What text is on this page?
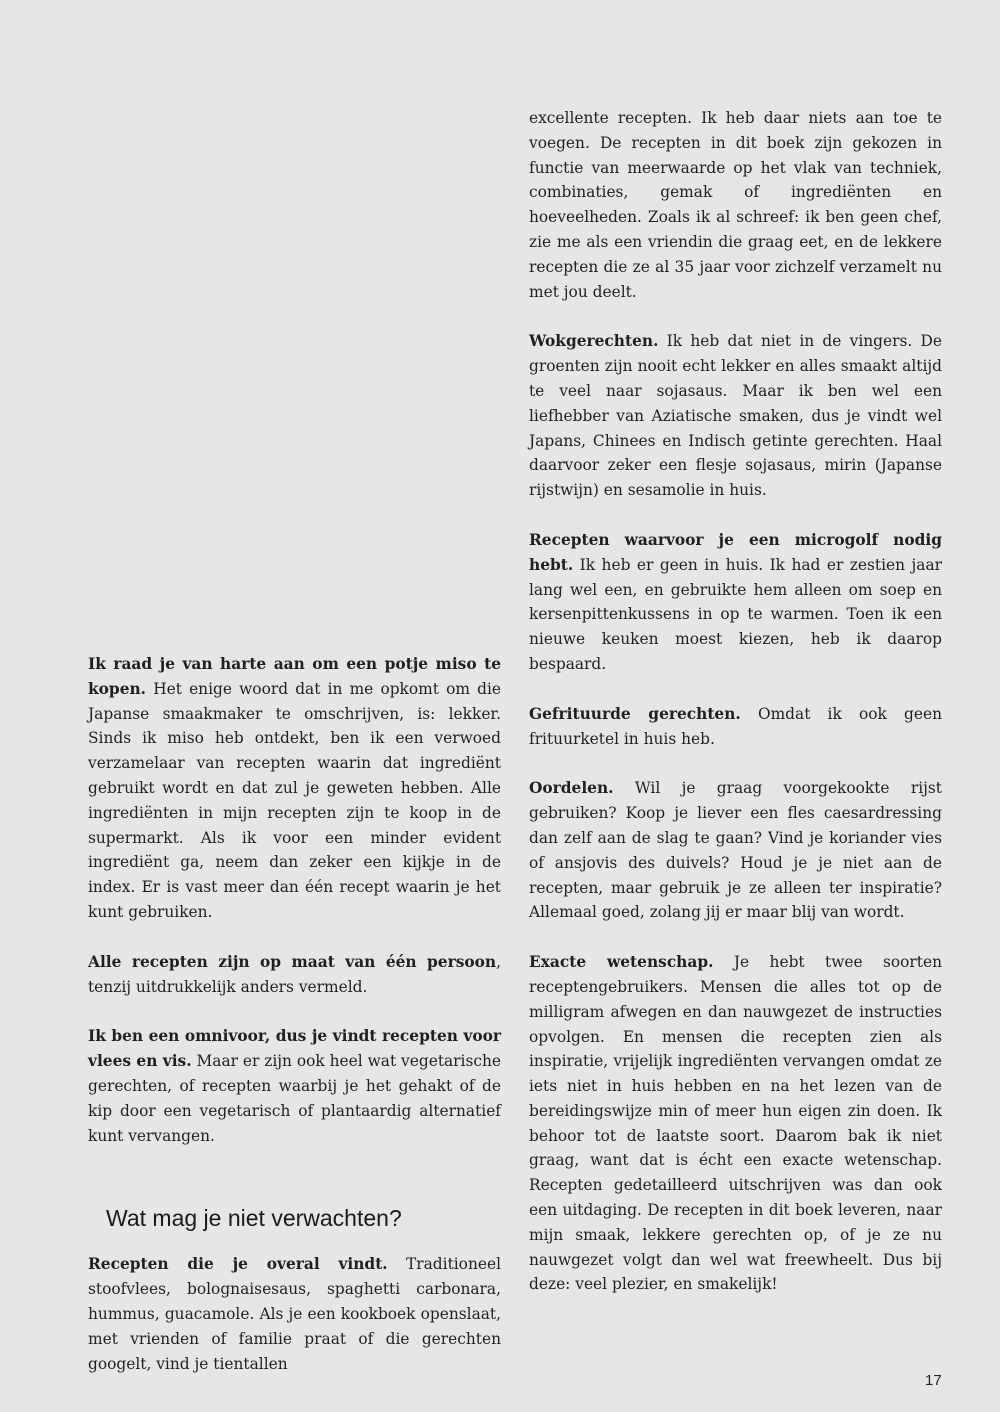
excellente recepten. Ik heb daar niets aan toe te voegen. De recepten in dit boek zijn gekozen in functie van meerwaarde op het vlak van techniek, combinaties, gemak of ingrediënten en hoeveelheden. Zoals ik al schreef: ik ben geen chef, zie me als een vriendin die graag eet, en de lekkere recepten die ze al 35 jaar voor zichzelf verzamelt nu met jou deelt.

Wokgerechten. Ik heb dat niet in de vingers. De groenten zijn nooit echt lekker en alles smaakt altijd te veel naar sojasaus. Maar ik ben wel een liefhebber van Aziatische smaken, dus je vindt wel Japans, Chinees en Indisch getinte gerechten. Haal daarvoor zeker een flesje sojasaus, mirin (Japanse rijstwijn) en sesamolie in huis.

Recepten waarvoor je een microgolf nodig hebt. Ik heb er geen in huis. Ik had er zestien jaar lang wel een, en gebruikte hem alleen om soep en kersenpittenkussens in op te warmen. Toen ik een nieuwe keuken moest kiezen, heb ik daarop bespaard.

Gefrituurde gerechten. Omdat ik ook geen frituurketel in huis heb.

Oordelen. Wil je graag voorgekookte rijst gebruiken? Koop je liever een fles caesardressing dan zelf aan de slag te gaan? Vind je koriander vies of ansjovis des duivels? Houd je je niet aan de recepten, maar gebruik je ze alleen ter inspiratie? Allemaal goed, zolang jij er maar blij van wordt.

Exacte wetenschap. Je hebt twee soorten receptengebruikers. Mensen die alles tot op de milligram afwegen en dan nauwgezet de instructies opvolgen. En mensen die recepten zien als inspiratie, vrijelijk ingrediënten vervangen omdat ze iets niet in huis hebben en na het lezen van de bereidingswijze min of meer hun eigen zin doen. Ik behoor tot de laatste soort. Daarom bak ik niet graag, want dat is écht een exacte wetenschap. Recepten gedetailleerd uitschrijven was dan ook een uitdaging. De recepten in dit boek leveren, naar mijn smaak, lekkere gerechten op, of je ze nu nauwgezet volgt dan wel wat freewheelt. Dus bij deze: veel plezier, en smakelijk!

Ik raad je van harte aan om een potje miso te kopen. Het enige woord dat in me opkomt om die Japanse smaakmaker te omschrijven, is: lekker. Sinds ik miso heb ontdekt, ben ik een verwoed verzamelaar van recepten waarin dat ingrediënt gebruikt wordt en dat zul je geweten hebben. Alle ingrediënten in mijn recepten zijn te koop in de supermarkt. Als ik voor een minder evident ingrediënt ga, neem dan zeker een kijkje in de index. Er is vast meer dan één recept waarin je het kunt gebruiken.

Alle recepten zijn op maat van één persoon, tenzij uitdrukkelijk anders vermeld.

Ik ben een omnivoor, dus je vindt recepten voor vlees en vis. Maar er zijn ook heel wat vegetarische gerechten, of recepten waarbij je het gehakt of de kip door een vegetarisch of plantaardig alternatief kunt vervangen.

Wat mag je niet verwachten?

Recepten die je overal vindt. Traditioneel stoofvlees, bolognaisesaus, spaghetti carbonara, hummus, guacamole. Als je een kookboek openslaat, met vrienden of familie praat of die gerechten googelt, vind je tientallen

17
